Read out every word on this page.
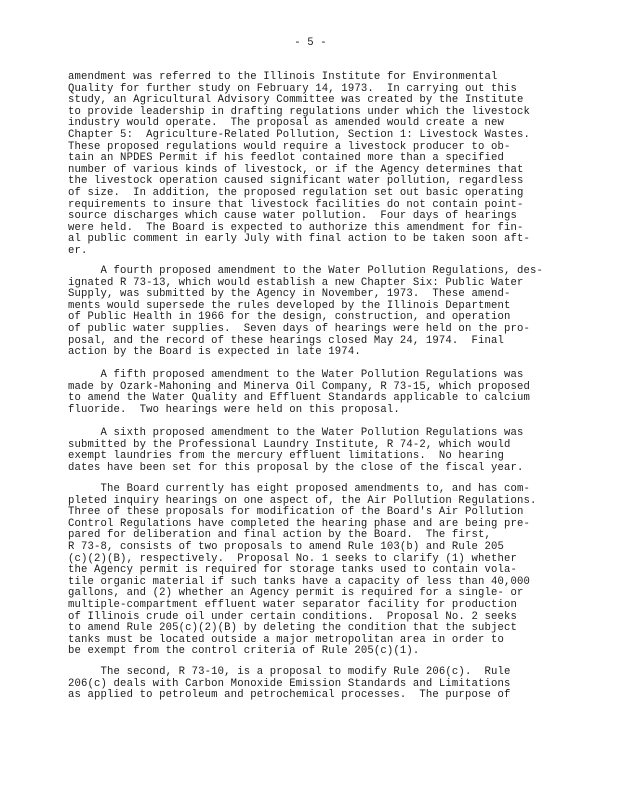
- 5 -
amendment was referred to the Illinois Institute for Environmental
Quality for further study on February 14, 1973.  In carrying out this
study, an Agricultural Advisory Committee was created by the Institute
to provide leadership in drafting regulations under which the livestock
industry would operate.  The proposal as amended would create a new
Chapter 5:  Agriculture-Related Pollution, Section 1: Livestock Wastes.
These proposed regulations would require a livestock producer to ob-
tain an NPDES Permit if his feedlot contained more than a specified
number of various kinds of livestock, or if the Agency determines that
the livestock operation caused significant water pollution, regardless
of size.  In addition, the proposed regulation set out basic operating
requirements to insure that livestock facilities do not contain point-
source discharges which cause water pollution.  Four days of hearings
were held.  The Board is expected to authorize this amendment for fin-
al public comment in early July with final action to be taken soon aft-
er.
A fourth proposed amendment to the Water Pollution Regulations, des-
ignated R 73-13, which would establish a new Chapter Six: Public Water
Supply, was submitted by the Agency in November, 1973.  These amend-
ments would supersede the rules developed by the Illinois Department
of Public Health in 1966 for the design, construction, and operation
of public water supplies.  Seven days of hearings were held on the pro-
posal, and the record of these hearings closed May 24, 1974.  Final
action by the Board is expected in late 1974.
A fifth proposed amendment to the Water Pollution Regulations was
made by Ozark-Mahoning and Minerva Oil Company, R 73-15, which proposed
to amend the Water Quality and Effluent Standards applicable to calcium
fluoride.  Two hearings were held on this proposal.
A sixth proposed amendment to the Water Pollution Regulations was
submitted by the Professional Laundry Institute, R 74-2, which would
exempt laundries from the mercury effluent limitations.  No hearing
dates have been set for this proposal by the close of the fiscal year.
The Board currently has eight proposed amendments to, and has com-
pleted inquiry hearings on one aspect of, the Air Pollution Regulations.
Three of these proposals for modification of the Board's Air Pollution
Control Regulations have completed the hearing phase and are being pre-
pared for deliberation and final action by the Board.  The first,
R 73-8, consists of two proposals to amend Rule 103(b) and Rule 205
(c)(2)(B), respectively.  Proposal No. 1 seeks to clarify (1) whether
the Agency permit is required for storage tanks used to contain vola-
tile organic material if such tanks have a capacity of less than 40,000
gallons, and (2) whether an Agency permit is required for a single- or
multiple-compartment effluent water separator facility for production
of Illinois crude oil under certain conditions.  Proposal No. 2 seeks
to amend Rule 205(c)(2)(B) by deleting the condition that the subject
tanks must be located outside a major metropolitan area in order to
be exempt from the control criteria of Rule 205(c)(1).
The second, R 73-10, is a proposal to modify Rule 206(c).  Rule
206(c) deals with Carbon Monoxide Emission Standards and Limitations
as applied to petroleum and petrochemical processes.  The purpose of
